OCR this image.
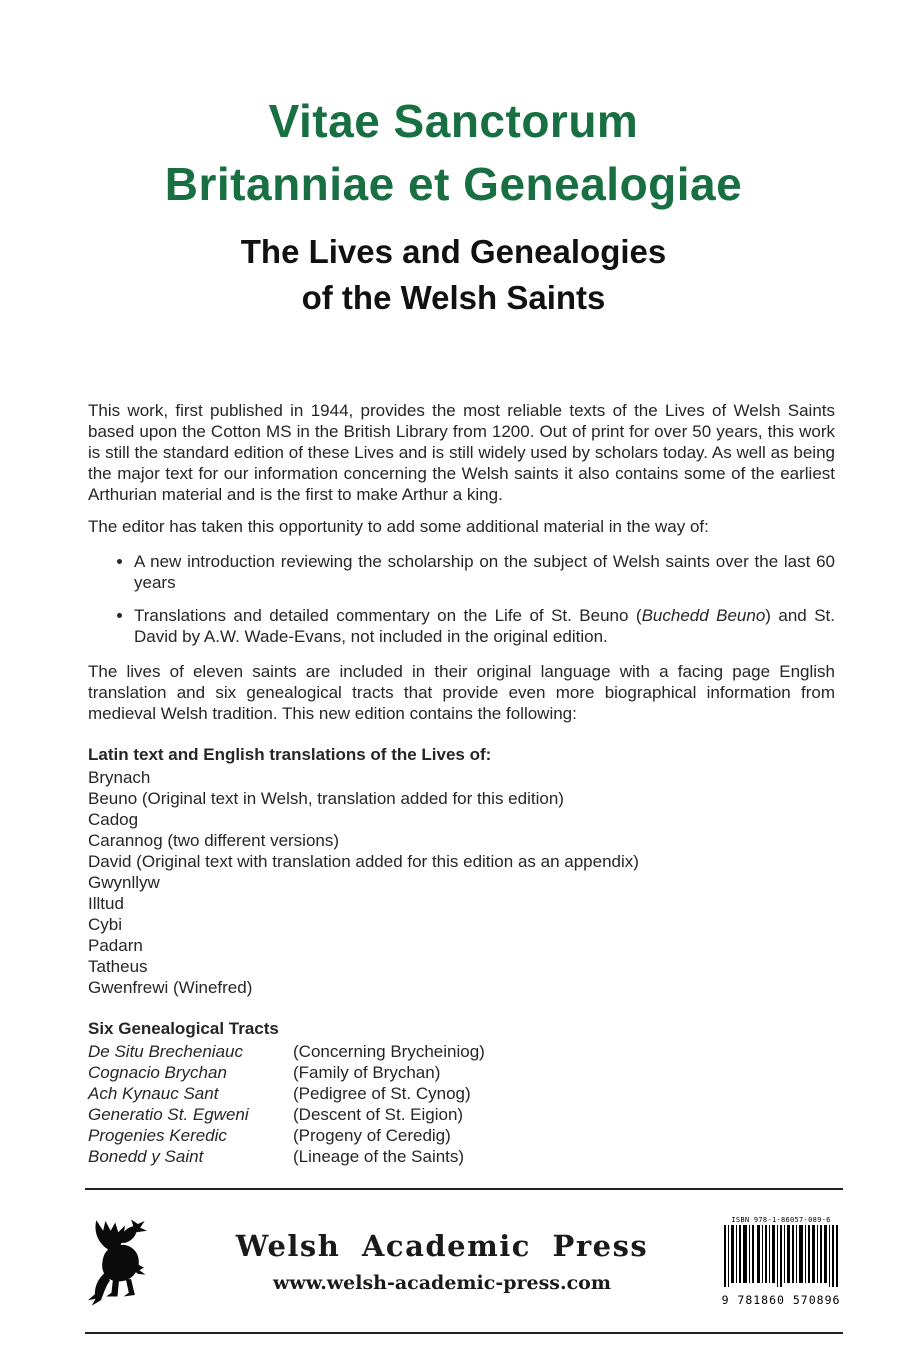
Vitae Sanctorum
Britanniae et Genealogiae
The Lives and Genealogies
of the Welsh Saints

This work, first published in 1944, provides the most reliable texts of the Lives of Welsh Saints based upon the Cotton MS in the British Library from 1200. Out of print for over 50 years, this work is still the standard edition of these Lives and is still widely used by scholars today. As well as being the major text for our information concerning the Welsh saints it also contains some of the earliest Arthurian material and is the first to make Arthur a king.

The editor has taken this opportunity to add some additional material in the way of:

• A new introduction reviewing the scholarship on the subject of Welsh saints over the last 60 years
• Translations and detailed commentary on the Life of St. Beuno (Buchedd Beuno) and St. David by A.W. Wade-Evans, not included in the original edition.

The lives of eleven saints are included in their original language with a facing page English translation and six genealogical tracts that provide even more biographical information from medieval Welsh tradition. This new edition contains the following:

Latin text and English translations of the Lives of:
Brynach
Beuno (Original text in Welsh, translation added for this edition)
Cadog
Carannog (two different versions)
David (Original text with translation added for this edition as an appendix)
Gwynllyw
Illtud
Cybi
Padarn
Tatheus
Gwenfrewi (Winefred)
Six Genealogical Tracts
De Situ Brecheniauc	(Concerning Brycheiniog)
Cognacio Brychan	(Family of Brychan)
Ach Kynauc Sant	(Pedigree of St. Cynog)
Generatio St. Egweni	(Descent of St. Eigion)
Progenies Keredic	(Progeny of Ceredig)
Bonedd y Saint	(Lineage of the Saints)
Welsh Academic Press
www.welsh-academic-press.com
ISBN 978-1-86057-089-6
9 781860 570896
